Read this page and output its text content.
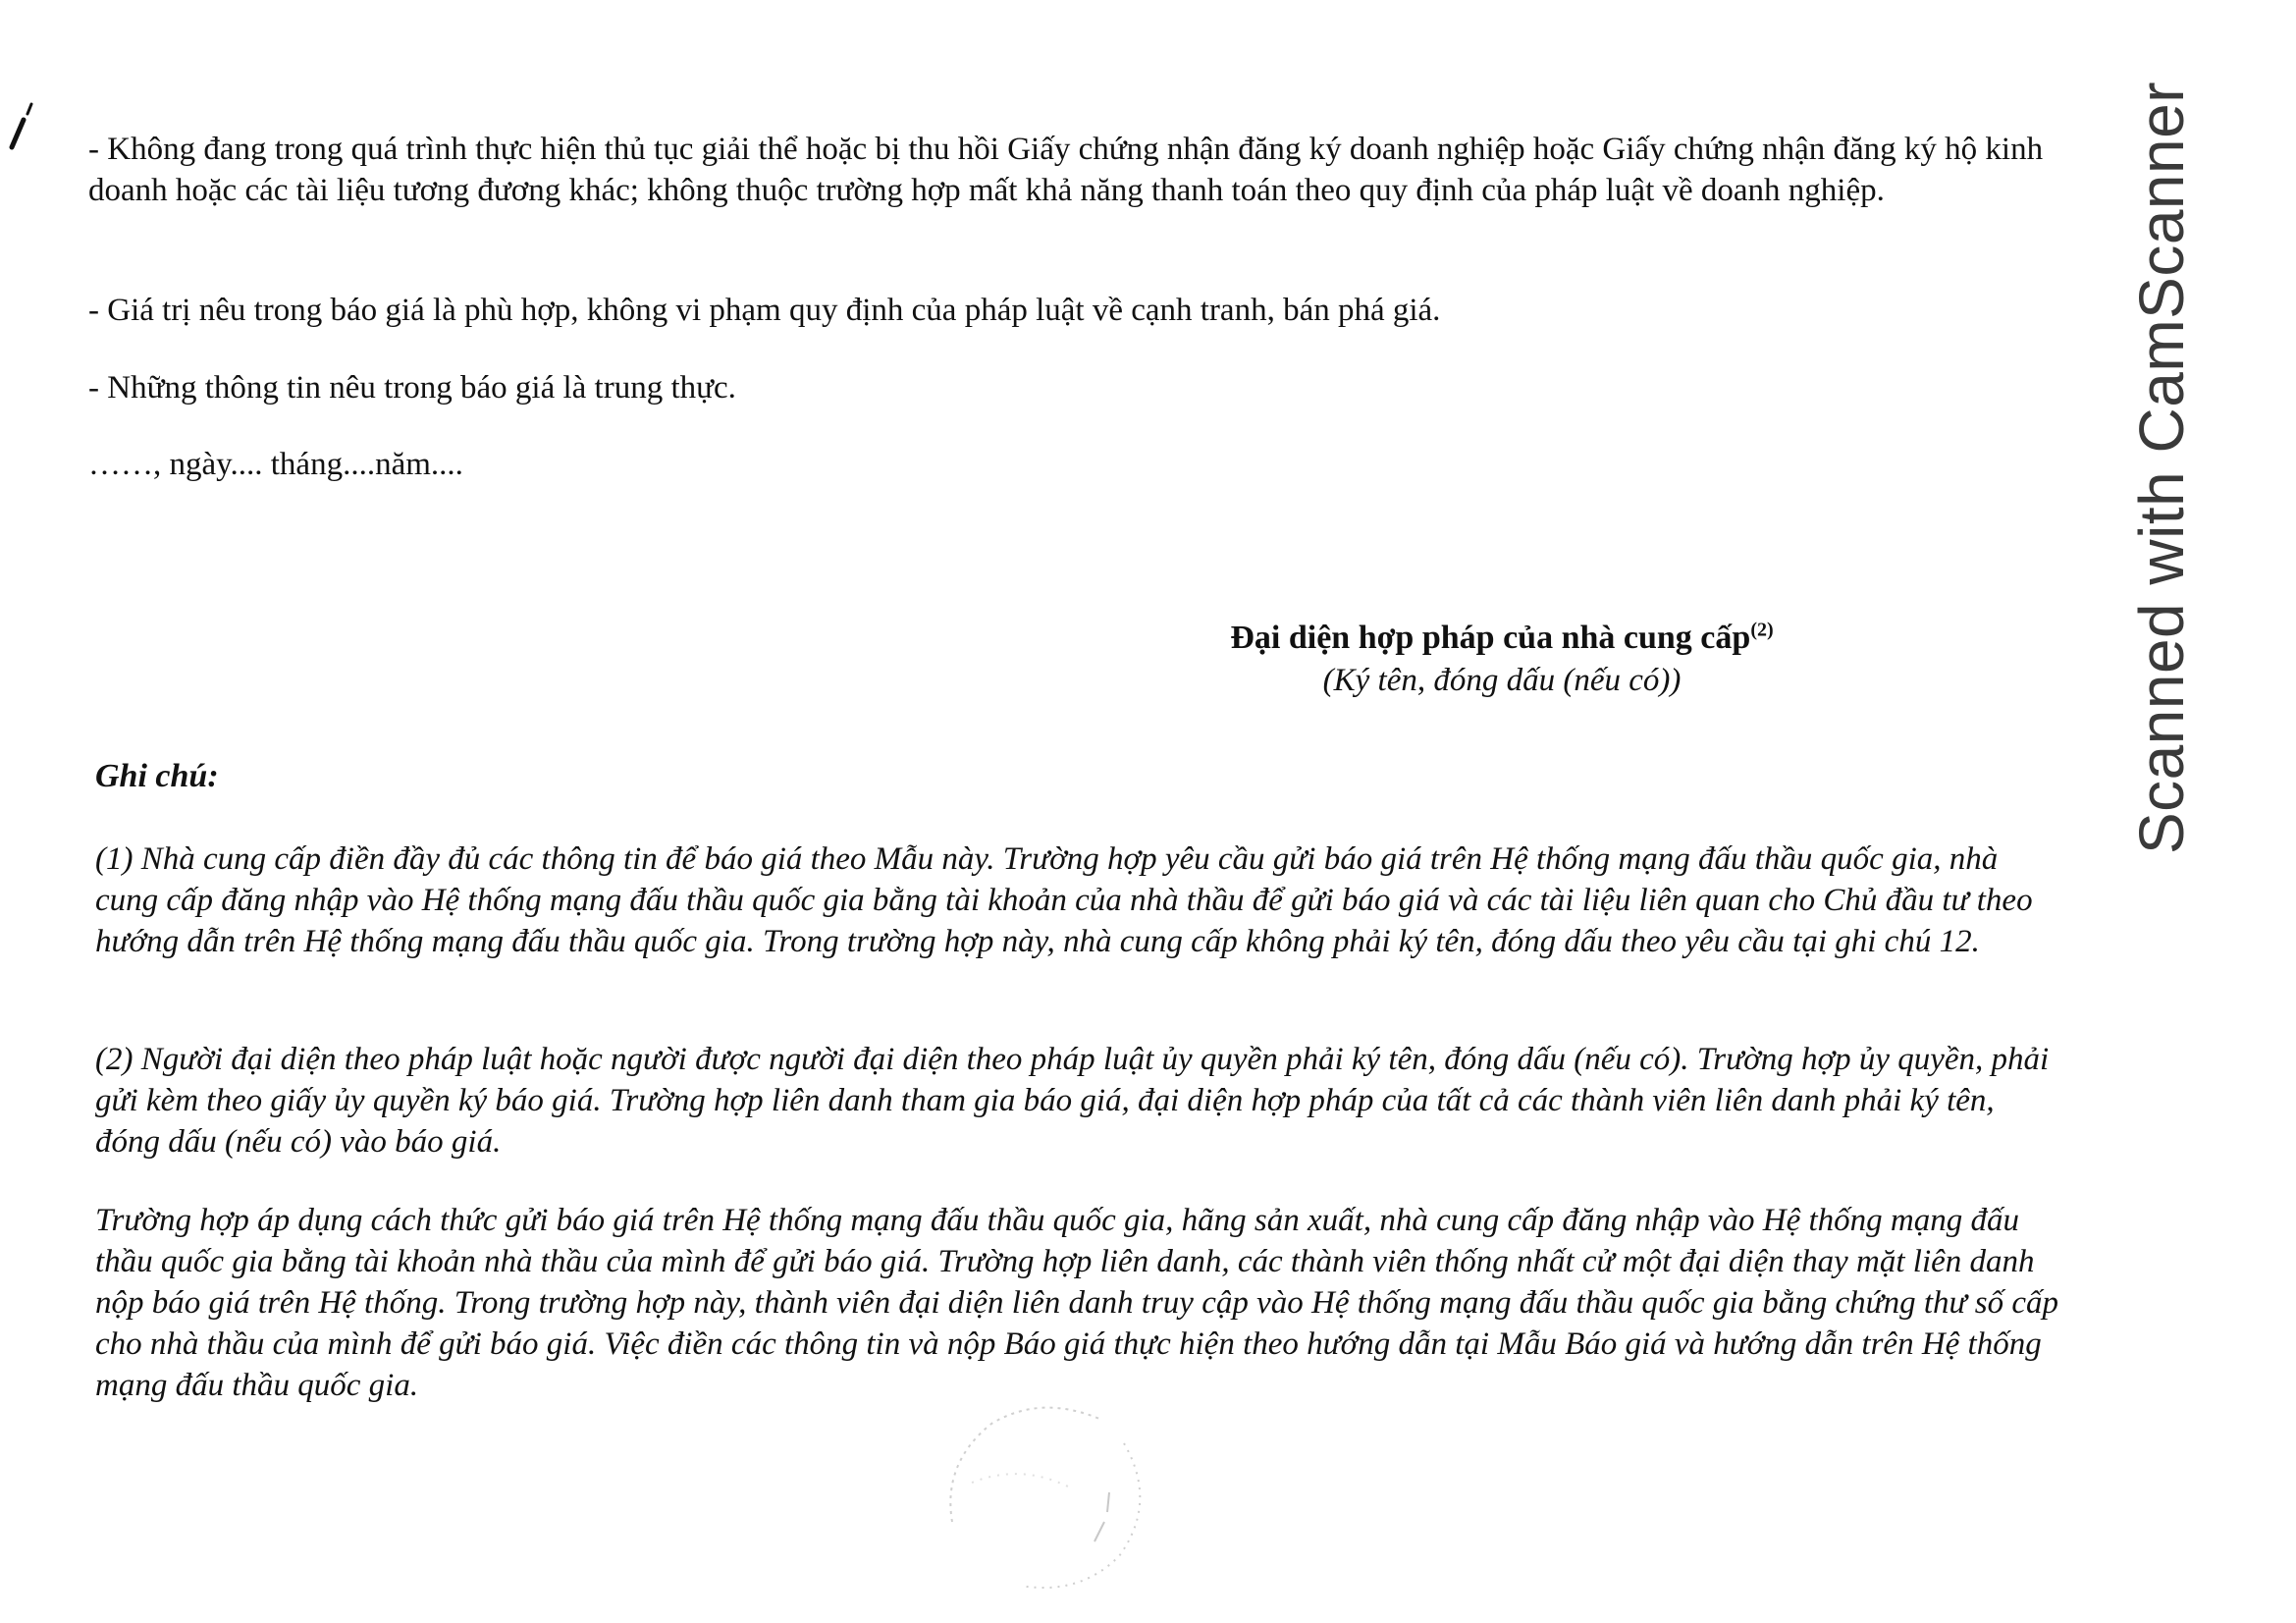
- Không đang trong quá trình thực hiện thủ tục giải thể hoặc bị thu hồi Giấy chứng nhận đăng ký doanh nghiệp hoặc Giấy chứng nhận đăng ký hộ kinh doanh hoặc các tài liệu tương đương khác; không thuộc trường hợp mất khả năng thanh toán theo quy định của pháp luật về doanh nghiệp.

- Giá trị nêu trong báo giá là phù hợp, không vi phạm quy định của pháp luật về cạnh tranh, bán phá giá.

- Những thông tin nêu trong báo giá là trung thực.

……, ngày.... tháng....năm....

Đại diện hợp pháp của nhà cung cấp$^{(2)}$
(Ký tên, đóng dấu (nếu có))

Ghi chú:

(1) Nhà cung cấp điền đầy đủ các thông tin để báo giá theo Mẫu này. Trường hợp yêu cầu gửi báo giá trên Hệ thống mạng đấu thầu quốc gia, nhà cung cấp đăng nhập vào Hệ thống mạng đấu thầu quốc gia bằng tài khoản của nhà thầu để gửi báo giá và các tài liệu liên quan cho Chủ đầu tư theo hướng dẫn trên Hệ thống mạng đấu thầu quốc gia. Trong trường hợp này, nhà cung cấp không phải ký tên, đóng dấu theo yêu cầu tại ghi chú 12.

(2) Người đại diện theo pháp luật hoặc người được người đại diện theo pháp luật ủy quyền phải ký tên, đóng dấu (nếu có). Trường hợp ủy quyền, phải gửi kèm theo giấy ủy quyền ký báo giá. Trường hợp liên danh tham gia báo giá, đại diện hợp pháp của tất cả các thành viên liên danh phải ký tên, đóng dấu (nếu có) vào báo giá.

Trường hợp áp dụng cách thức gửi báo giá trên Hệ thống mạng đấu thầu quốc gia, hãng sản xuất, nhà cung cấp đăng nhập vào Hệ thống mạng đấu thầu quốc gia bằng tài khoản nhà thầu của mình để gửi báo giá. Trường hợp liên danh, các thành viên thống nhất cử một đại diện thay mặt liên danh nộp báo giá trên Hệ thống. Trong trường hợp này, thành viên đại diện liên danh truy cập vào Hệ thống mạng đấu thầu quốc gia bằng chứng thư số cấp cho nhà thầu của mình để gửi báo giá. Việc điền các thông tin và nộp Báo giá thực hiện theo hướng dẫn tại Mẫu Báo giá và hướng dẫn trên Hệ thống mạng đấu thầu quốc gia.

Scanned with CamScanner
